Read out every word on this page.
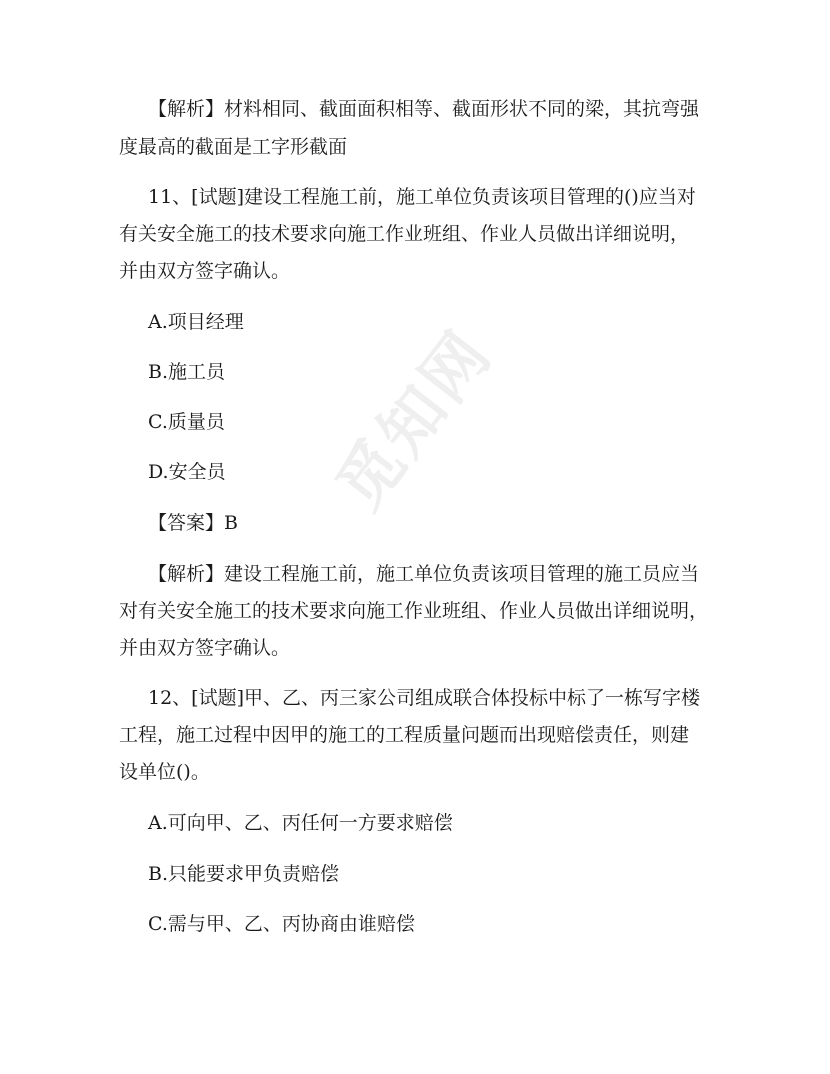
觅知网
【解析】材料相同、截面面积相等、截面形状不同的梁，其抗弯强
度最高的截面是工字形截面
11、[试题]建设工程施工前，施工单位负责该项目管理的()应当对
有关安全施工的技术要求向施工作业班组、作业人员做出详细说明，
并由双方签字确认。
A.项目经理
B.施工员
C.质量员
D.安全员
【答案】B
【解析】建设工程施工前，施工单位负责该项目管理的施工员应当
对有关安全施工的技术要求向施工作业班组、作业人员做出详细说明，
并由双方签字确认。
12、[试题]甲、乙、丙三家公司组成联合体投标中标了一栋写字楼
工程，施工过程中因甲的施工的工程质量问题而出现赔偿责任，则建
设单位()。
A.可向甲、乙、丙任何一方要求赔偿
B.只能要求甲负责赔偿
C.需与甲、乙、丙协商由谁赔偿
